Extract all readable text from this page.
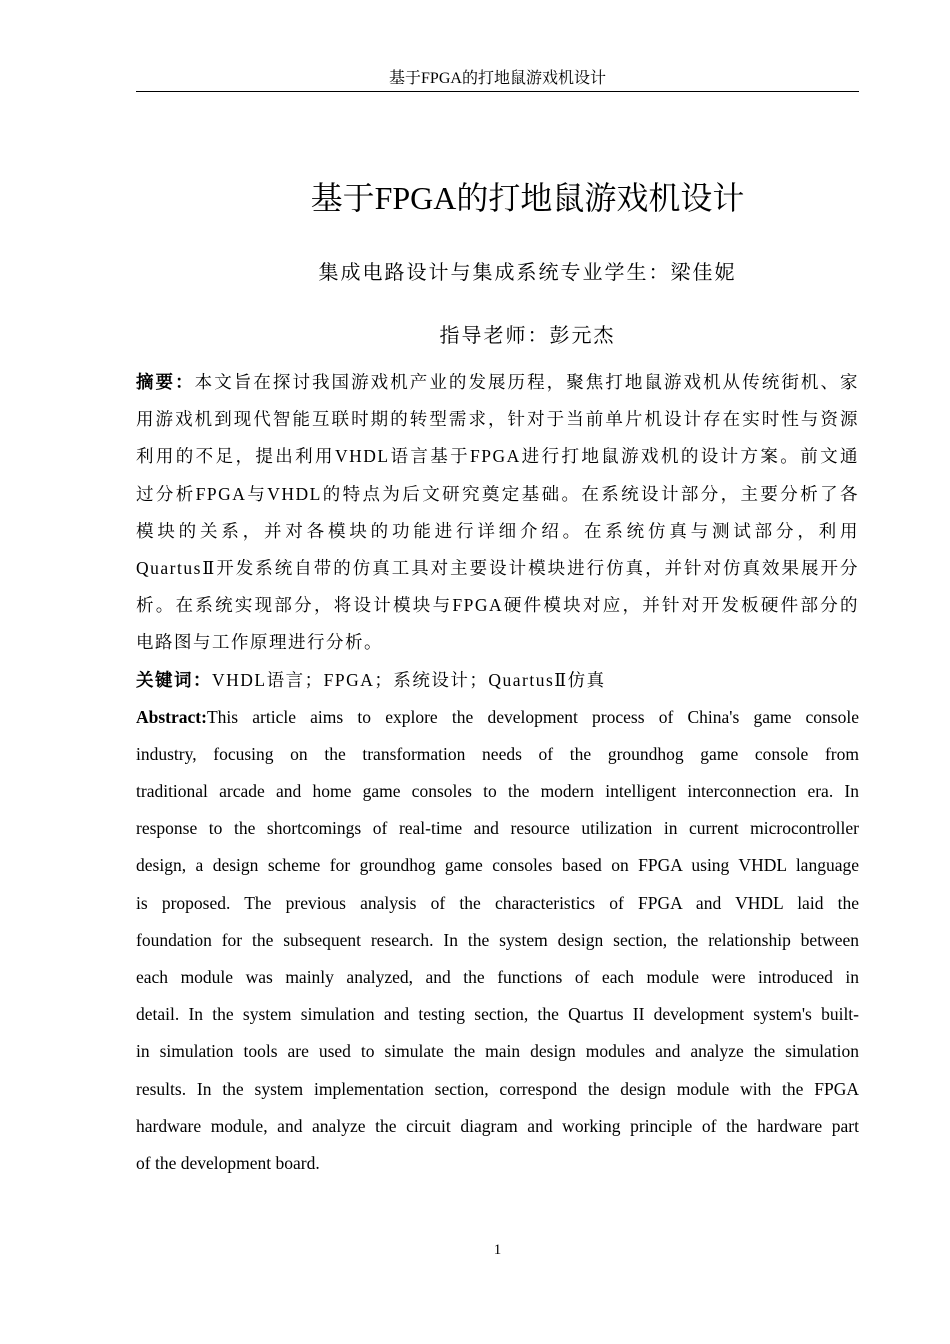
基于FPGA的打地鼠游戏机设计
基于FPGA的打地鼠游戏机设计
集成电路设计与集成系统专业学生：梁佳妮
指导老师：彭元杰
摘要：本文旨在探讨我国游戏机产业的发展历程，聚焦打地鼠游戏机从传统街机、家
用游戏机到现代智能互联时期的转型需求，针对于当前单片机设计存在实时性与资源
利用的不足，提出利用VHDL语言基于FPGA进行打地鼠游戏机的设计方案。前文通
过分析FPGA与VHDL的特点为后文研究奠定基础。在系统设计部分，主要分析了各
模块的关系，并对各模块的功能进行详细介绍。在系统仿真与测试部分，利用
QuartusⅡ开发系统自带的仿真工具对主要设计模块进行仿真，并针对仿真效果展开分
析。在系统实现部分，将设计模块与FPGA硬件模块对应，并针对开发板硬件部分的
电路图与工作原理进行分析。
关键词：VHDL语言；FPGA；系统设计；QuartusⅡ仿真
Abstract:This article aims to explore the development process of China's game console
industry, focusing on the transformation needs of the groundhog game console from
traditional arcade and home game consoles to the modern intelligent interconnection era. In
response to the shortcomings of real-time and resource utilization in current microcontroller
design, a design scheme for groundhog game consoles based on FPGA using VHDL language
is proposed. The previous analysis of the characteristics of FPGA and VHDL laid the
foundation for the subsequent research. In the system design section, the relationship between
each module was mainly analyzed, and the functions of each module were introduced in
detail. In the system simulation and testing section, the Quartus II development system's built-
in simulation tools are used to simulate the main design modules and analyze the simulation
results. In the system implementation section, correspond the design module with the FPGA
hardware module, and analyze the circuit diagram and working principle of the hardware part
of the development board.
1
